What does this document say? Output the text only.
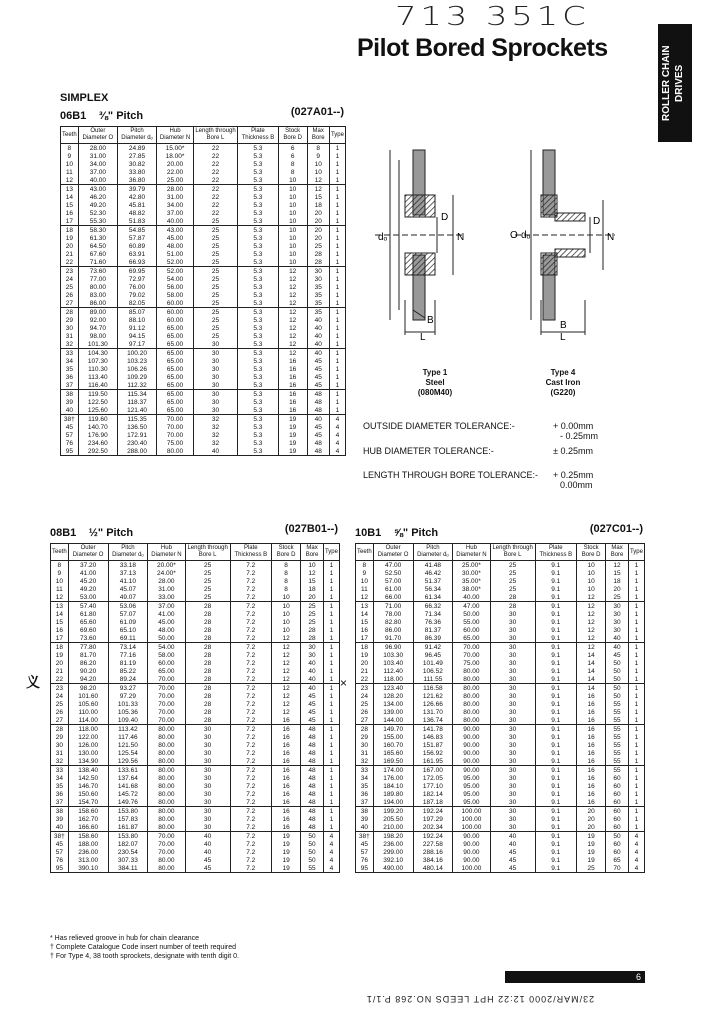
713 351C
Pilot Bored Sprockets	ROLLER CHAIN DRIVES
SIMPLEX
06B1 ⅜" Pitch	(027A01--)
Teeth	Outer Diameter O	Pitch Diameter dₒ	Hub Diameter N	Length through Bore L	Plate Thickness B	Stock Bore D	Max Bore	Type
8	28.00	24.89	15.00*	22	5.3	6	8	1
9	31.00	27.85	18.00*	22	5.3	6	9	1
10	34.00	30.82	20.00	22	5.3	8	10	1
11	37.00	33.80	22.00	22	5.3	8	10	1
12	40.00	36.80	25.00	22	5.3	10	12	1
13	43.00	39.79	28.00	22	5.3	10	12	1
14	46.20	42.80	31.00	22	5.3	10	15	1
15	49.20	45.81	34.00	22	5.3	10	18	1
16	52.30	48.82	37.00	22	5.3	10	20	1
17	55.30	51.83	40.00	25	5.3	10	20	1
18	58.30	54.85	43.00	25	5.3	10	20	1
19	61.30	57.87	45.00	25	5.3	10	20	1
20	64.50	60.89	48.00	25	5.3	10	25	1
21	67.60	63.91	51.00	25	5.3	10	28	1
22	71.60	66.93	52.00	25	5.3	10	28	1
23	73.60	69.95	52.00	25	5.3	12	30	1
24	77.00	72.97	54.00	25	5.3	12	30	1
25	80.00	76.00	56.00	25	5.3	12	35	1
26	83.00	79.02	58.00	25	5.3	12	35	1
27	86.00	82.05	60.00	25	5.3	12	35	1
28	89.00	85.07	60.00	25	5.3	12	35	1
29	92.00	88.10	60.00	25	5.3	12	40	1
30	94.70	91.12	65.00	25	5.3	12	40	1
31	98.00	94.15	65.00	25	5.3	12	40	1
32	101.30	97.17	65.00	30	5.3	12	40	1
33	104.30	100.20	65.00	30	5.3	12	40	1
34	107.30	103.23	65.00	30	5.3	16	45	1
35	110.30	106.26	65.00	30	5.3	16	45	1
36	113.40	109.29	65.00	30	5.3	16	45	1
37	116.40	112.32	65.00	30	5.3	16	45	1
38	119.50	115.34	65.00	30	5.3	16	48	1
39	122.50	118.37	65.00	30	5.3	16	48	1
40	125.60	121.40	65.00	30	5.3	16	48	1
38†	119.60	115.35	70.00	32	5.3	19	40	4
45	140.70	136.50	70.00	32	5.3	19	45	4
57	176.90	172.91	70.00	32	5.3	19	45	4
76	234.60	230.40	75.00	32	5.3	19	48	4
95	292.50	288.00	80.00	40	5.3	19	48	4
D
N
dₒ
B
L
O dₒ
D
N
B
L
Type 1
Steel
(080M40)
Type 4
Cast Iron
(G220)
OUTSIDE DIAMETER TOLERANCE:-	+ 0.00mm
- 0.25mm
HUB DIAMETER TOLERANCE:-	± 0.25mm
LENGTH THROUGH BORE TOLERANCE:- + 0.25mm
0.00mm
08B1 ½" Pitch	(027B01--)
Teeth	Outer Diameter O	Pitch Diameter dₒ	Hub Diameter N	Length through Bore L	Plate Thickness B	Stock Bore D	Max Bore	Type
8	37.20	33.18	20.00*	25	7.2	8	10	1
9	41.00	37.13	24.00*	25	7.2	8	12	1
10	45.20	41.10	28.00	25	7.2	8	15	1
11	49.20	45.07	31.00	25	7.2	8	18	1
12	53.00	49.07	33.00	25	7.2	10	20	1
13	57.40	53.06	37.00	28	7.2	10	25	1
14	61.80	57.07	41.00	28	7.2	10	25	1
15	65.60	61.09	45.00	28	7.2	10	25	1
16	69.60	65.10	48.00	28	7.2	10	28	1
17	73.60	69.11	50.00	28	7.2	12	28	1
18	77.80	73.14	54.00	28	7.2	12	30	1
19	81.70	77.16	58.00	28	7.2	12	30	1
20	86.20	81.19	60.00	28	7.2	12	40	1
21	90.20	85.22	65.00	28	7.2	12	40	1
22	94.20	89.24	70.00	28	7.2	12	40	1
23	98.20	93.27	70.00	28	7.2	12	40	1
24	101.60	97.29	70.00	28	7.2	12	45	1
25	105.60	101.33	70.00	28	7.2	12	45	1
26	110.00	105.36	70.00	28	7.2	12	45	1
27	114.00	109.40	70.00	28	7.2	16	45	1
28	118.00	113.42	80.00	30	7.2	16	48	1
29	122.00	117.46	80.00	30	7.2	16	48	1
30	126.00	121.50	80.00	30	7.2	16	48	1
31	130.00	125.54	80.00	30	7.2	16	48	1
32	134.90	129.56	80.00	30	7.2	16	48	1
33	138.40	133.61	80.00	30	7.2	16	48	1
34	142.50	137.64	80.00	30	7.2	16	48	1
35	146.70	141.68	80.00	30	7.2	16	48	1
36	150.60	145.72	80.00	30	7.2	16	48	1
37	154.70	149.76	80.00	30	7.2	16	48	1
38	158.60	153.80	80.00	30	7.2	16	48	1
39	162.70	157.83	80.00	30	7.2	16	48	1
40	166.60	161.87	80.00	30	7.2	16	48	1
38†	158.60	153.80	70.00	40	7.2	19	50	4
45	188.00	182.07	70.00	40	7.2	19	50	4
57	236.00	230.54	70.00	40	7.2	19	50	4
76	313.00	307.33	80.00	45	7.2	19	50	4
95	390.10	384.11	80.00	45	7.2	19	55	4
10B1 ⅝" Pitch	(027C01--)
Teeth	Outer Diameter O	Pitch Diameter dₒ	Hub Diameter N	Length through Bore L	Plate Thickness B	Stock Bore D	Max Bore	Type
8	47.00	41.48	25.00*	25	9.1	10	12	1
9	52.50	46.42	30.00*	25	9.1	10	15	1
10	57.00	51.37	35.00*	25	9.1	10	18	1
11	61.00	56.34	38.00*	25	9.1	10	20	1
12	66.00	61.34	40.00	28	9.1	12	25	1
13	71.00	66.32	47.00	28	9.1	12	30	1
14	78.00	71.34	50.00	30	9.1	12	30	1
15	82.80	76.36	55.00	30	9.1	12	30	1
16	86.00	81.37	60.00	30	9.1	12	30	1
17	91.70	86.39	65.00	30	9.1	12	40	1
18	96.90	91.42	70.00	30	9.1	12	40	1
19	103.30	96.45	70.00	30	9.1	14	45	1
20	103.40	101.49	75.00	30	9.1	14	50	1
21	112.40	106.52	80.00	30	9.1	14	50	1
22	118.00	111.55	80.00	30	9.1	14	50	1
23	123.40	116.58	80.00	30	9.1	14	50	1
24	128.20	121.62	80.00	30	9.1	16	50	1
25	134.00	126.66	80.00	30	9.1	16	55	1
26	139.00	131.70	80.00	30	9.1	16	55	1
27	144.00	136.74	80.00	30	9.1	16	55	1
28	149.70	141.78	90.00	30	9.1	16	55	1
29	155.00	146.83	90.00	30	9.1	16	55	1
30	160.70	151.87	90.00	30	9.1	16	55	1
31	165.60	156.92	90.00	30	9.1	16	55	1
32	169.50	161.95	90.00	30	9.1	16	55	1
33	174.00	167.00	90.00	30	9.1	16	55	1
34	176.00	172.05	95.00	30	9.1	16	60	1
35	184.10	177.10	95.00	30	9.1	16	60	1
36	189.80	182.14	95.00	30	9.1	16	60	1
37	194.00	187.18	95.00	30	9.1	16	60	1
38	199.20	192.24	100.00	30	9.1	20	60	1
39	205.50	197.29	100.00	30	9.1	20	60	1
40	210.00	202.34	100.00	30	9.1	20	60	1
38†	198.20	192.24	90.00	40	9.1	19	50	4
45	236.00	227.58	90.00	40	9.1	19	60	4
57	299.00	288.16	90.00	45	9.1	19	60	4
76	392.10	384.16	90.00	45	9.1	19	65	4
95	490.00	480.14	100.00	45	9.1	25	70	4
义	×
* Has relieved groove in hub for chain clearance
† Complete Catalogue Code insert number of teeth required
† For Type 4, 38 tooth sprockets, designate with tenth digit 0.
6
23/MAR/2000 12:22 HPT LEEDS NO.268 P.1/1
